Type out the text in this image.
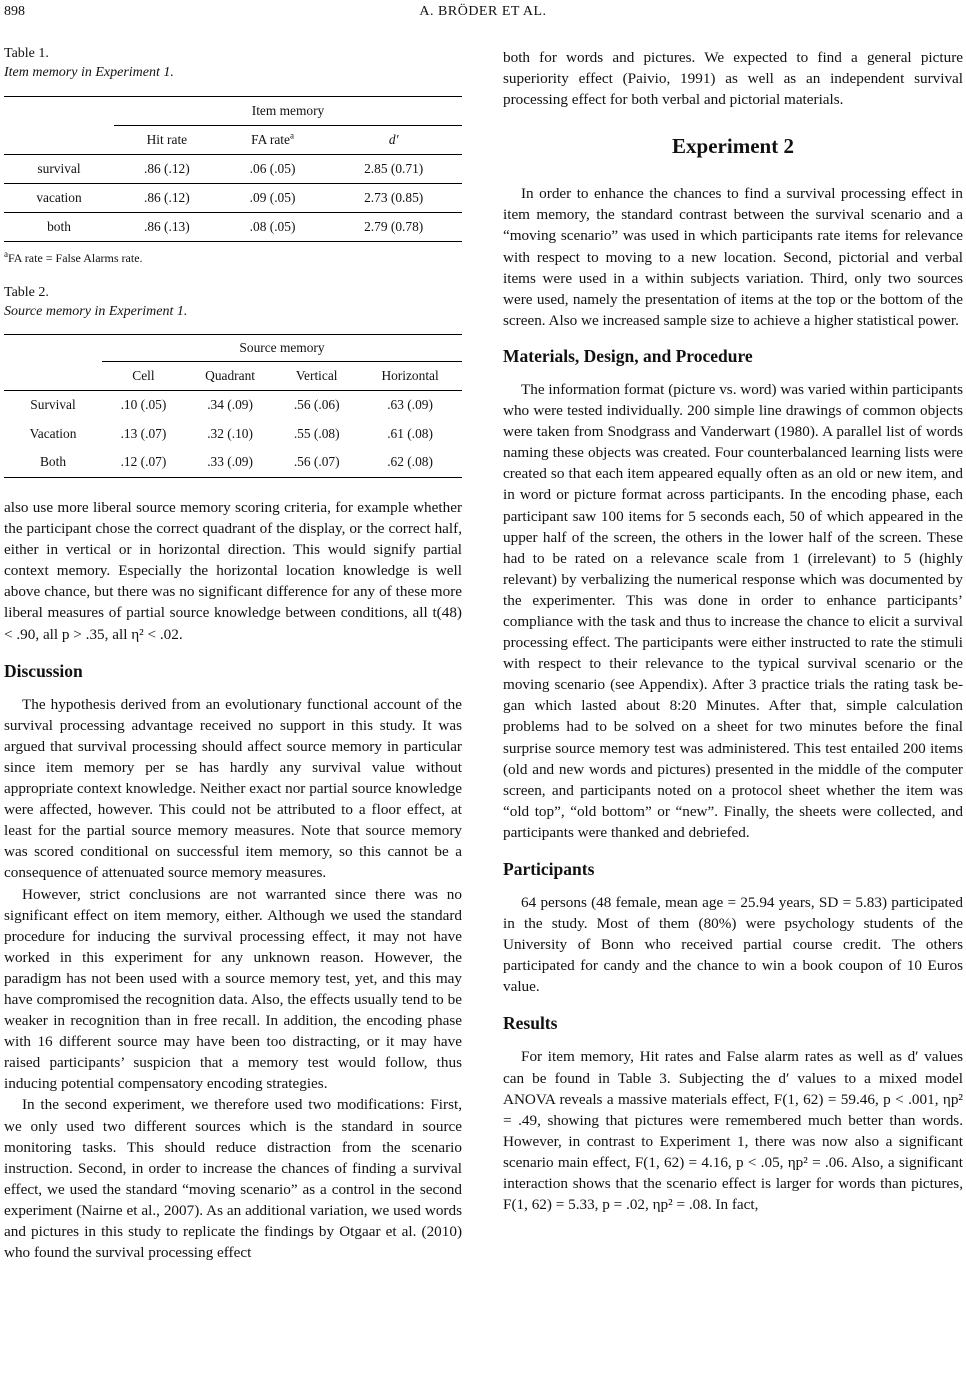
898	A. BRÖDER ET AL.

Table 1.

Item memory in Experiment 1.

	Item memory		
	Hit rate	FA rate$^a$	d′
survival	.86 (.12)	.06 (.05)	2.85 (0.71)
vacation	.86 (.12)	.09 (.05)	2.73 (0.85)
both	.86 (.13)	.08 (.05)	2.79 (0.78)

$^a$FA rate = False Alarms rate.

Table 2.

Source memory in Experiment 1.

	Source memory			
	Cell	Quadrant	Vertical	Horizontal
Survival	.10 (.05)	.34 (.09)	.56 (.06)	.63 (.09)
Vacation	.13 (.07)	.32 (.10)	.55 (.08)	.61 (.08)
Both	.12 (.07)	.33 (.09)	.56 (.07)	.62 (.08)

also use more liberal source memory scoring criteria, for example whether the participant chose the correct quadrant of the display, or the correct half, either in vertical or in horizontal direction. This would signify partial context memory. Especially the horizontal location knowledge is well above chance, but there was no significant difference for any of these more liberal measures of partial source knowledge between conditions, all t(48) < .90, all p > .35, all η² < .02.

Discussion

The hypothesis derived from an evolutionary functional account of the survival processing advantage received no support in this study. It was argued that survival processing should affect source memory in particular since item memory per se has hardly any survival value without appropriate context knowledge. Neither exact nor partial source knowledge were affected, however. This could not be attributed to a floor effect, at least for the partial source memory measures. Note that source memory was scored conditional on successful item memory, so this cannot be a consequence of attenuated source memory measures.

However, strict conclusions are not warranted since there was no significant effect on item memory, either. Although we used the standard procedure for inducing the survival processing effect, it may not have worked in this experiment for any unknown reason. However, the paradigm has not been used with a source memory test, yet, and this may have compromised the recognition data. Also, the effects usually tend to be weaker in recognition than in free recall. In addition, the encoding phase with 16 different source may have been too distracting, or it may have raised participants’ suspicion that a memory test would follow, thus inducing potential compensatory encoding strategies.

In the second experiment, we therefore used two modifications: First, we only used two different sources which is the standard in source monitoring tasks. This should reduce distraction from the scenario instruction. Second, in order to increase the chances of finding a survival effect, we used the standard “moving scenario” as a control in the second experiment (Nairne et al., 2007). As an additional variation, we used words and pictures in this study to replicate the findings by Otgaar et al. (2010) who found the survival processing effect

both for words and pictures. We expected to find a general picture superiority effect (Paivio, 1991) as well as an independent survival processing effect for both verbal and pictorial materials.

Experiment 2

In order to enhance the chances to find a survival processing effect in item memory, the standard contrast between the survival scenario and a “moving scenario” was used in which participants rate items for relevance with respect to moving to a new location. Second, pictorial and verbal items were used in a within subjects variation. Third, only two sources were used, namely the presentation of items at the top or the bottom of the screen. Also we increased sample size to achieve a higher statistical power.

Materials, Design, and Procedure

The information format (picture vs. word) was varied within participants who were tested individually. 200 simple line drawings of common objects were taken from Snodgrass and Vanderwart (1980). A parallel list of words naming these objects was created. Four counterbalanced learning lists were created so that each item appeared equally often as an old or new item, and in word or picture format across participants. In the encoding phase, each participant saw 100 items for 5 seconds each, 50 of which appeared in the upper half of the screen, the others in the lower half of the screen. These had to be rated on a relevance scale from 1 (irrelevant) to 5 (highly relevant) by verbalizing the numerical response which was documented by the experimenter. This was done in order to enhance participants’ compliance with the task and thus to increase the chance to elicit a survival processing effect. The participants were either instructed to rate the stimuli with respect to their relevance to the typical survival scenario or the moving scenario (see Appendix). After 3 practice trials the rating task began which lasted about 8:20 Minutes. After that, simple calculation problems had to be solved on a sheet for two minutes before the final surprise source memory test was administered. This test entailed 200 items (old and new words and pictures) presented in the middle of the computer screen, and participants noted on a protocol sheet whether the item was “old top”, “old bottom” or “new”. Finally, the sheets were collected, and participants were thanked and debriefed.

Participants

64 persons (48 female, mean age = 25.94 years, SD = 5.83) participated in the study. Most of them (80%) were psychology students of the University of Bonn who received partial course credit. The others participated for candy and the chance to win a book coupon of 10 Euros value.

Results

For item memory, Hit rates and False alarm rates as well as d′ values can be found in Table 3. Subjecting the d′ values to a mixed model ANOVA reveals a massive materials effect, F(1, 62) = 59.46, p < .001, ηp² = .49, showing that pictures were remembered much better than words. However, in contrast to Experiment 1, there was now also a significant scenario main effect, F(1, 62) = 4.16, p < .05, ηp² = .06. Also, a significant interaction shows that the scenario effect is larger for words than pictures, F(1, 62) = 5.33, p = .02, ηp² = .08. In fact,
